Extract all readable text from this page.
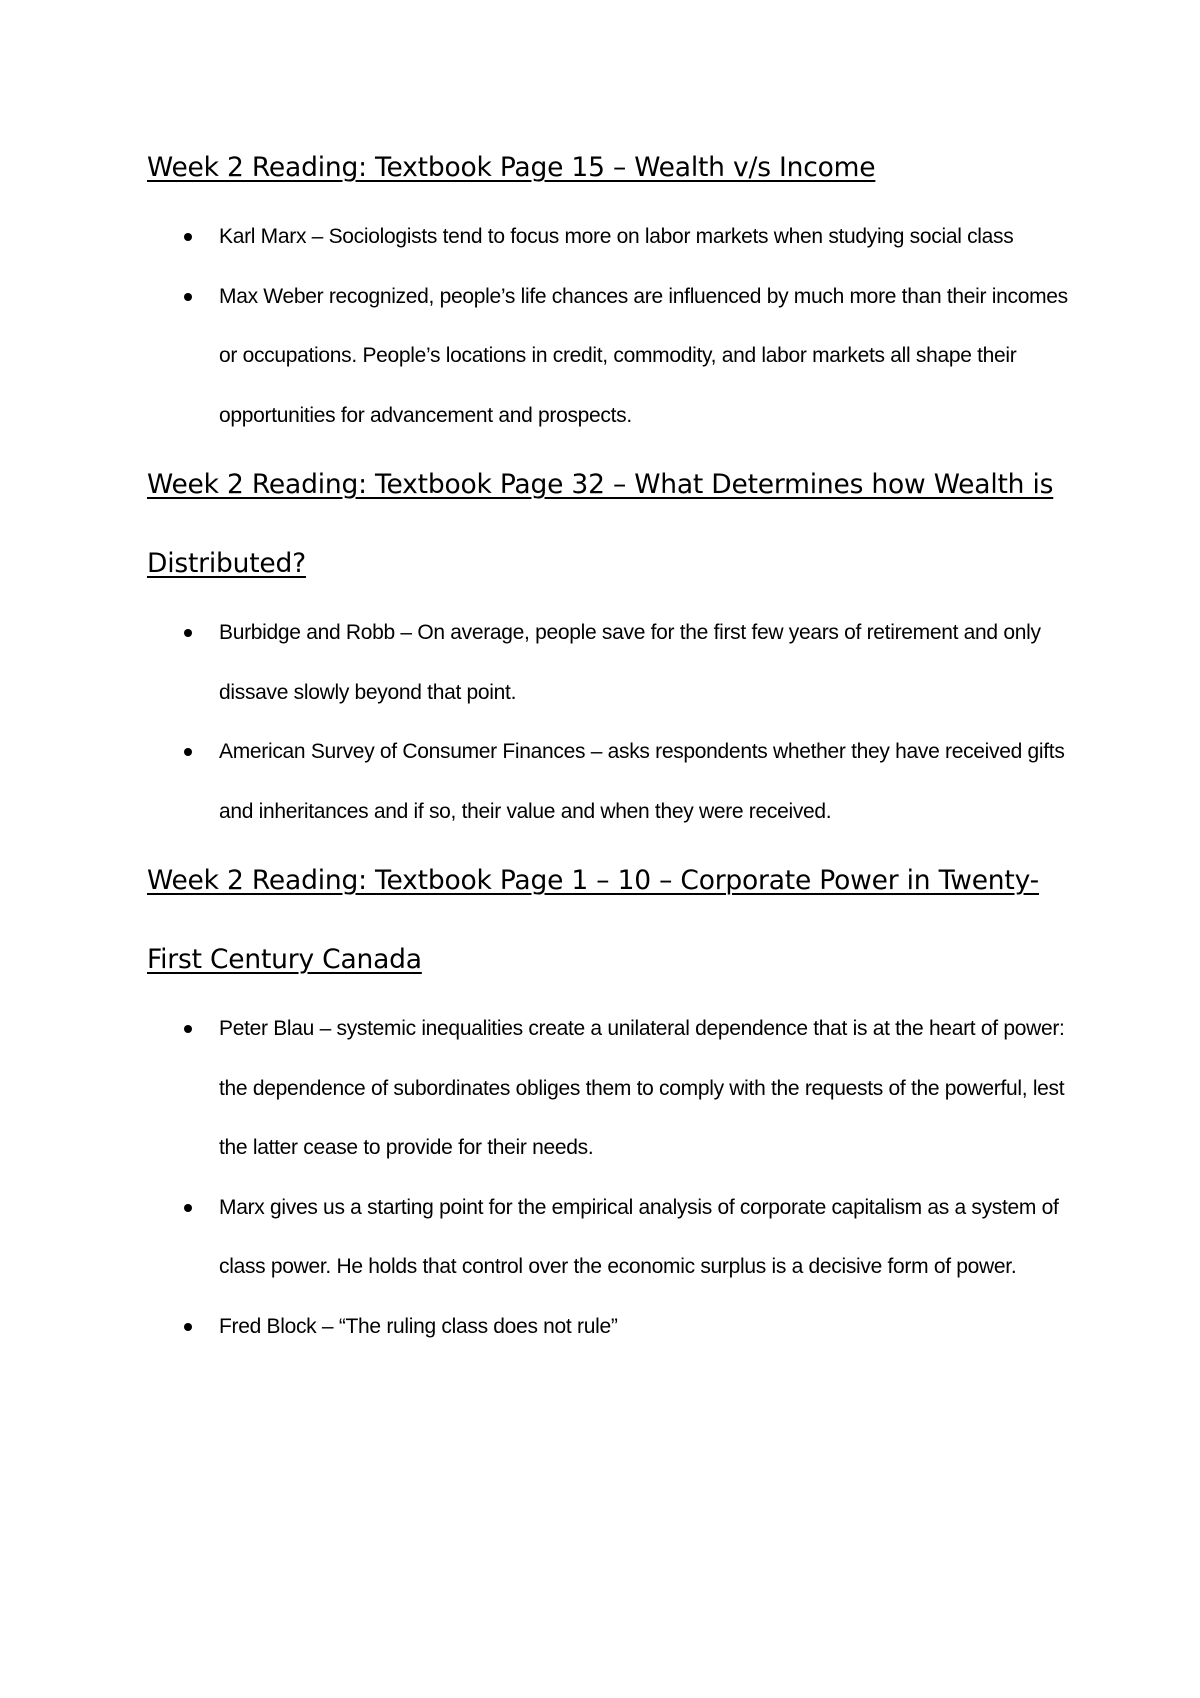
Week 2 Reading: Textbook Page 15 – Wealth v/s Income
Karl Marx – Sociologists tend to focus more on labor markets when studying social class
Max Weber recognized, people’s life chances are influenced by much more than their incomes or occupations. People’s locations in credit, commodity, and labor markets all shape their opportunities for advancement and prospects.
Week 2 Reading: Textbook Page 32 – What Determines how Wealth is Distributed?
Burbidge and Robb – On average, people save for the first few years of retirement and only dissave slowly beyond that point.
American Survey of Consumer Finances – asks respondents whether they have received gifts and inheritances and if so, their value and when they were received.
Week 2 Reading: Textbook Page 1 – 10 – Corporate Power in Twenty-First Century Canada
Peter Blau – systemic inequalities create a unilateral dependence that is at the heart of power: the dependence of subordinates obliges them to comply with the requests of the powerful, lest the latter cease to provide for their needs.
Marx gives us a starting point for the empirical analysis of corporate capitalism as a system of class power. He holds that control over the economic surplus is a decisive form of power.
Fred Block – “The ruling class does not rule”
